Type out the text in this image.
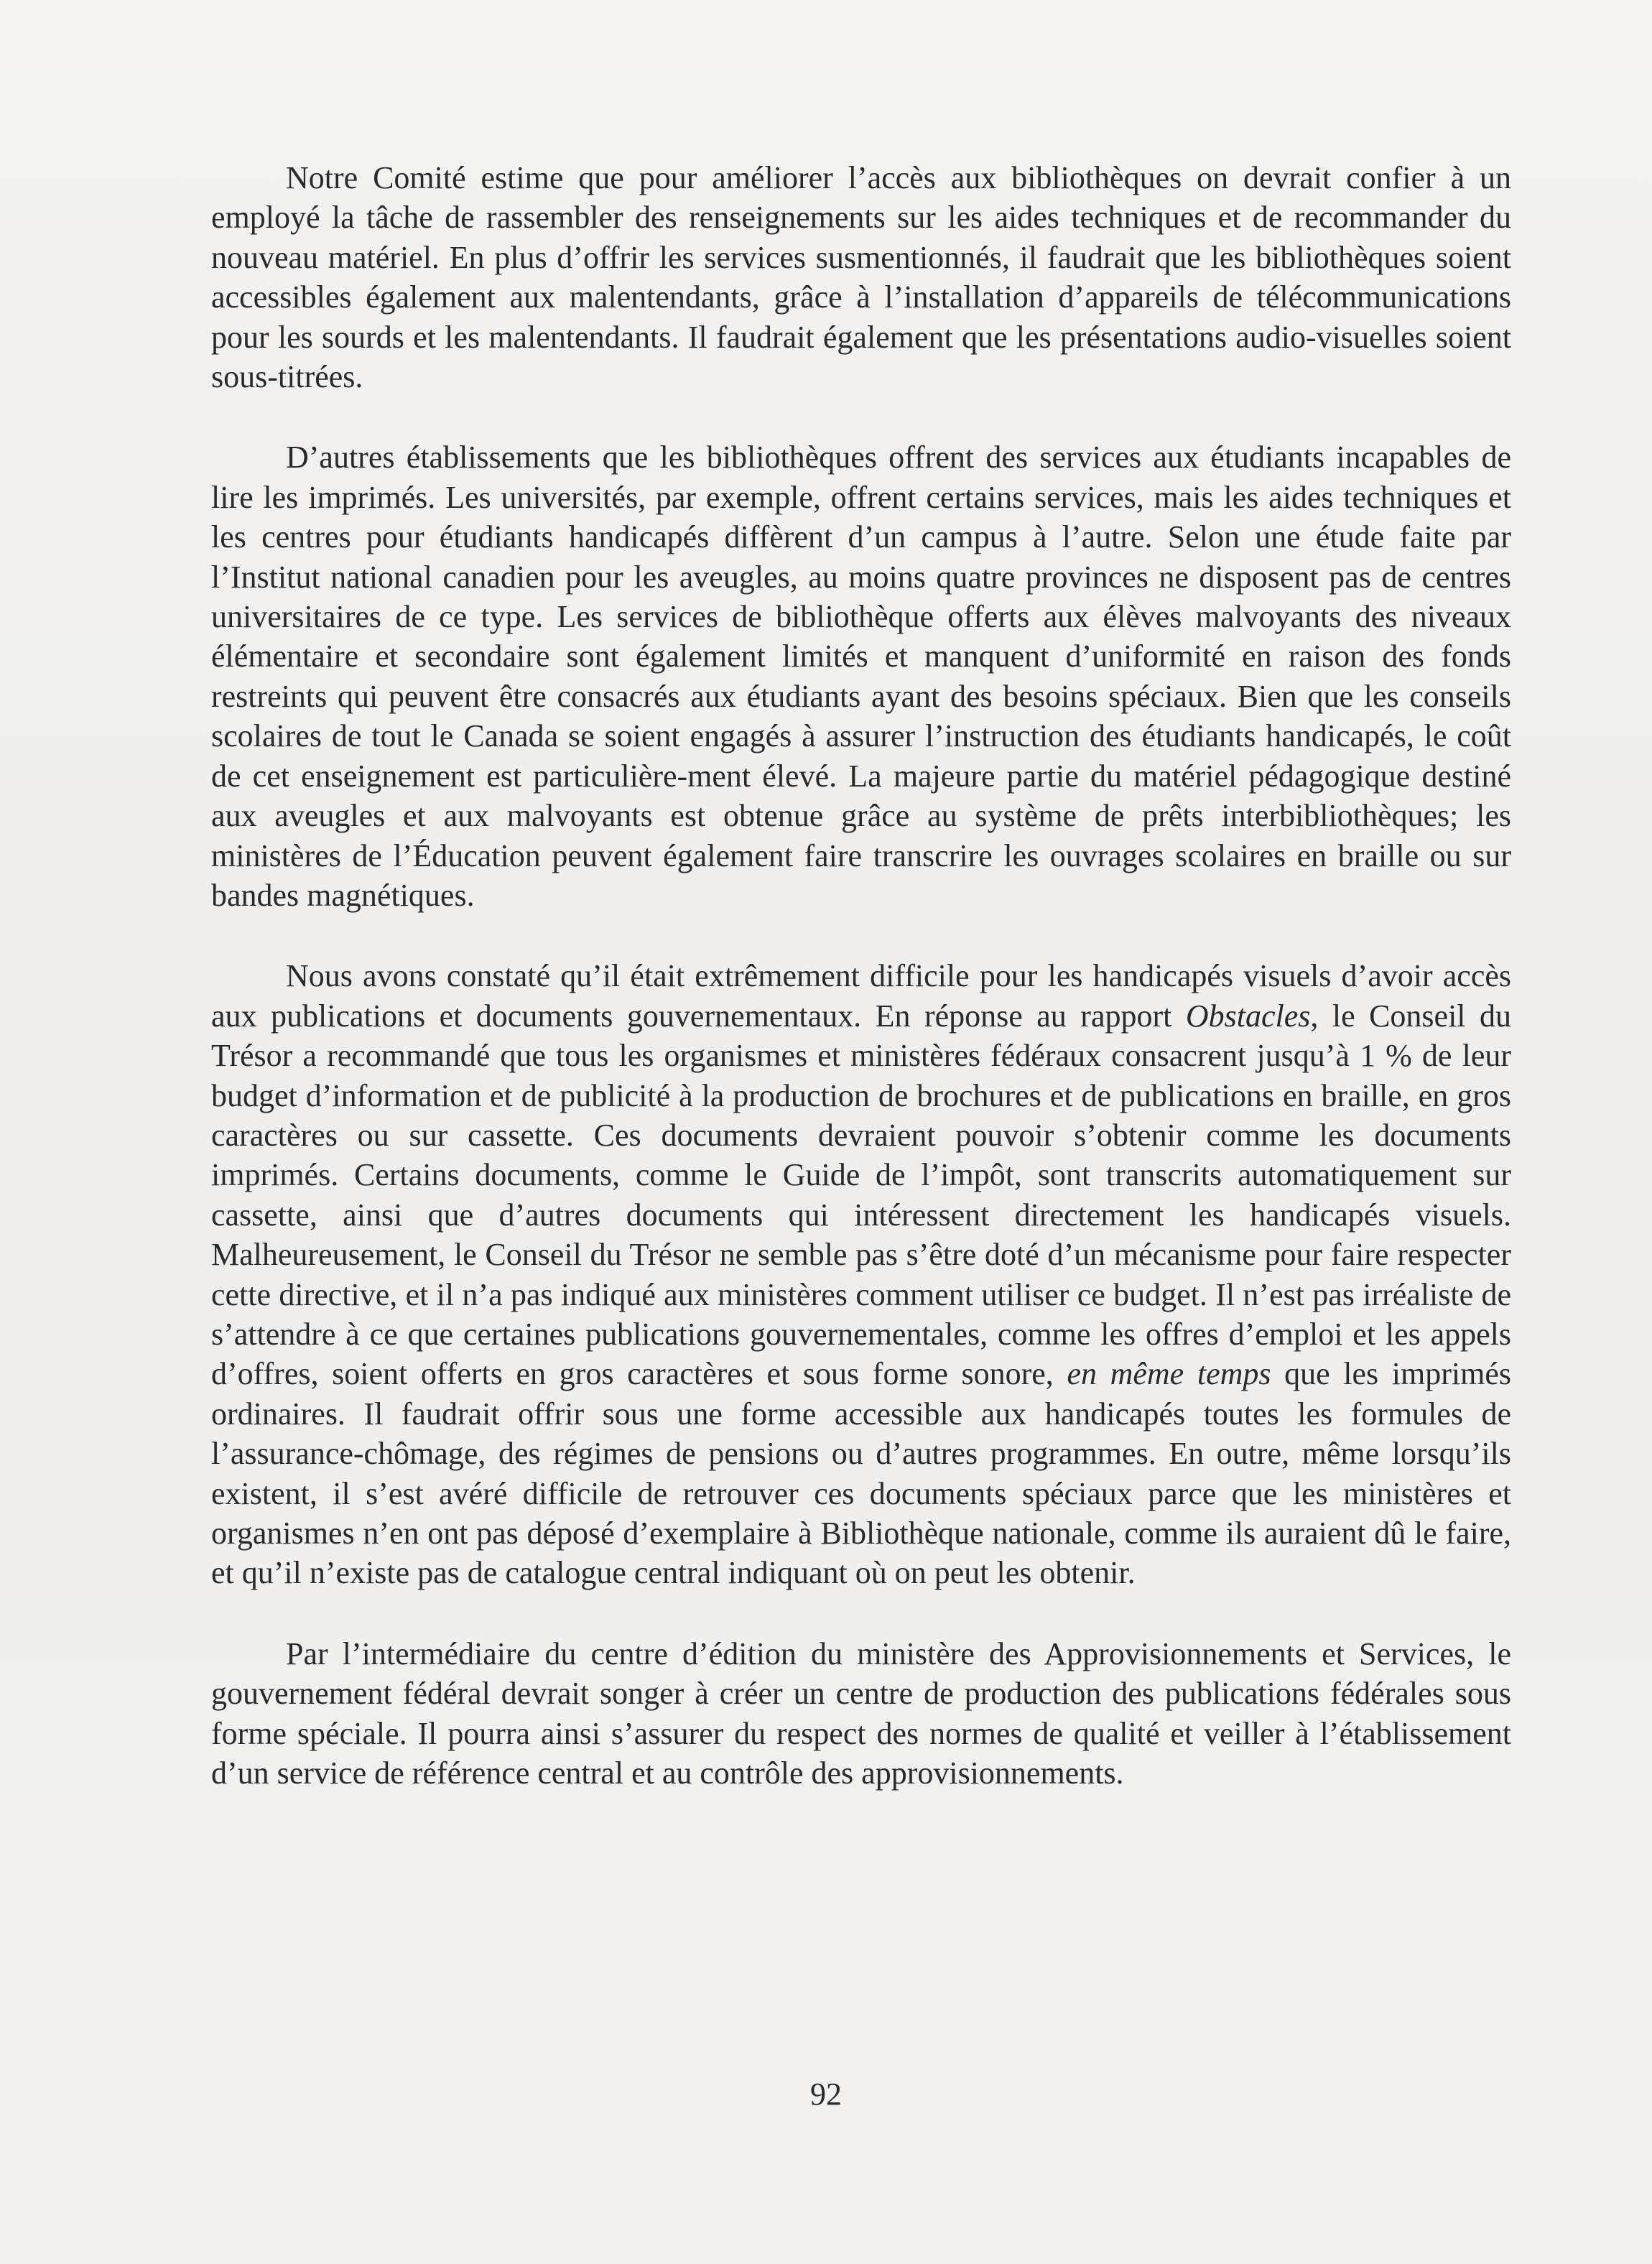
Notre Comité estime que pour améliorer l’accès aux bibliothèques on devrait confier à un employé la tâche de rassembler des renseignements sur les aides techniques et de recommander du nouveau matériel. En plus d’offrir les services susmentionnés, il faudrait que les bibliothèques soient accessibles également aux malentendants, grâce à l’installation d’appareils de télécommunications pour les sourds et les malentendants. Il faudrait également que les présentations audio-visuelles soient sous-titrées.

D’autres établissements que les bibliothèques offrent des services aux étudiants incapables de lire les imprimés. Les universités, par exemple, offrent certains services, mais les aides techniques et les centres pour étudiants handicapés diffèrent d’un campus à l’autre. Selon une étude faite par l’Institut national canadien pour les aveugles, au moins quatre provinces ne disposent pas de centres universitaires de ce type. Les services de bibliothèque offerts aux élèves malvoyants des niveaux élémentaire et secondaire sont également limités et manquent d’uniformité en raison des fonds restreints qui peuvent être consacrés aux étudiants ayant des besoins spéciaux. Bien que les conseils scolaires de tout le Canada se soient engagés à assurer l’instruction des étudiants handicapés, le coût de cet enseignement est particulière-ment élevé. La majeure partie du matériel pédagogique destiné aux aveugles et aux malvoyants est obtenue grâce au système de prêts interbibliothèques; les ministères de l’Éducation peuvent également faire transcrire les ouvrages scolaires en braille ou sur bandes magnétiques.

Nous avons constaté qu’il était extrêmement difficile pour les handicapés visuels d’avoir accès aux publications et documents gouvernementaux. En réponse au rapport Obstacles, le Conseil du Trésor a recommandé que tous les organismes et ministères fédéraux consacrent jusqu’à 1 % de leur budget d’information et de publicité à la production de brochures et de publications en braille, en gros caractères ou sur cassette. Ces documents devraient pouvoir s’obtenir comme les documents imprimés. Certains documents, comme le Guide de l’impôt, sont transcrits automatiquement sur cassette, ainsi que d’autres documents qui intéressent directement les handicapés visuels. Malheureusement, le Conseil du Trésor ne semble pas s’être doté d’un mécanisme pour faire respecter cette directive, et il n’a pas indiqué aux ministères comment utiliser ce budget. Il n’est pas irréaliste de s’attendre à ce que certaines publications gouvernementales, comme les offres d’emploi et les appels d’offres, soient offerts en gros caractères et sous forme sonore, en même temps que les imprimés ordinaires. Il faudrait offrir sous une forme accessible aux handicapés toutes les formules de l’assurance-chômage, des régimes de pensions ou d’autres programmes. En outre, même lorsqu’ils existent, il s’est avéré difficile de retrouver ces documents spéciaux parce que les ministères et organismes n’en ont pas déposé d’exemplaire à Bibliothèque nationale, comme ils auraient dû le faire, et qu’il n’existe pas de catalogue central indiquant où on peut les obtenir.

Par l’intermédiaire du centre d’édition du ministère des Approvisionnements et Services, le gouvernement fédéral devrait songer à créer un centre de production des publications fédérales sous forme spéciale. Il pourra ainsi s’assurer du respect des normes de qualité et veiller à l’établissement d’un service de référence central et au contrôle des approvisionnements.

92
